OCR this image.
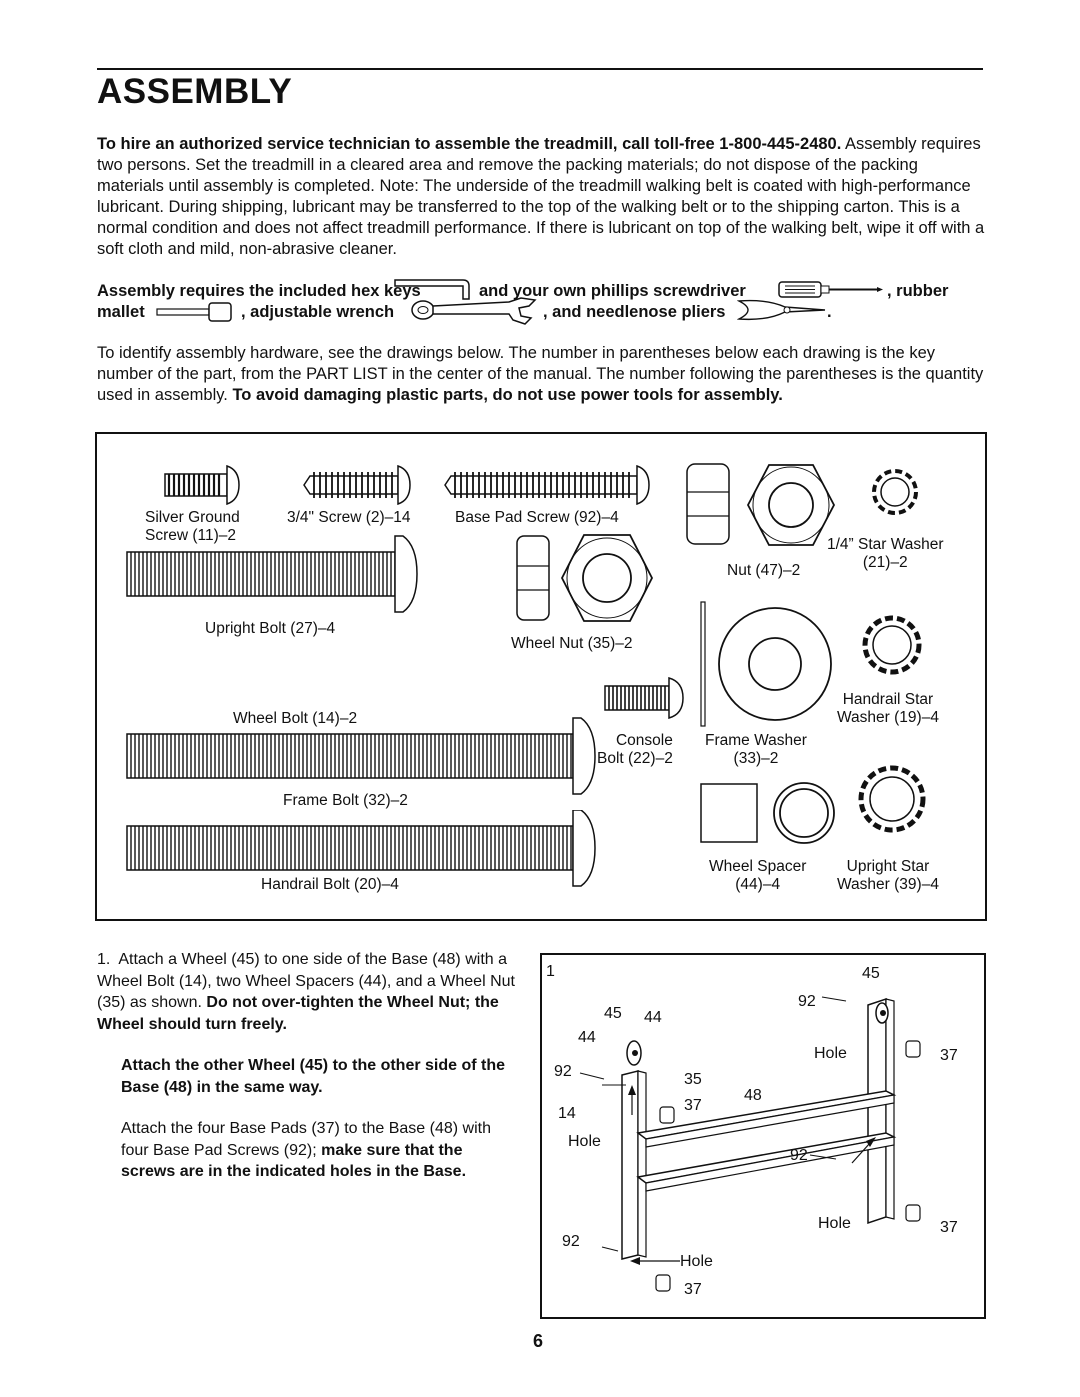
ASSEMBLY
To hire an authorized service technician to assemble the treadmill, call toll-free 1-800-445-2480. Assembly requires two persons. Set the treadmill in a cleared area and remove the packing materials; do not dispose of the packing materials until assembly is completed. Note: The underside of the treadmill walking belt is coated with high-performance lubricant. During shipping, lubricant may be transferred to the top of the walking belt or to the shipping carton. This is a normal condition and does not affect treadmill performance. If there is lubricant on top of the walking belt, wipe it off with a soft cloth and mild, non-abrasive cleaner.
Assembly requires the included hex keys	and your own phillips screwdriver	, rubber
mallet	, adjustable wrench	, and needlenose pliers	.
To identify assembly hardware, see the drawings below. The number in parentheses below each drawing is the key number of the part, from the PART LIST in the center of the manual. The number following the parentheses is the quantity used in assembly. To avoid damaging plastic parts, do not use power tools for assembly.
Silver Ground
Screw (11)–2
3/4" Screw (2)–14	Base Pad Screw (92)–4
Nut (47)–2
1/4” Star Washer
(21)–2
Upright Bolt (27)–4
Wheel Nut (35)–2
Handrail Star
Washer (19)–4
Wheel Bolt (14)–2
Console
Bolt (22)–2
Frame Washer
(33)–2
Frame Bolt (32)–2
Wheel Spacer
(44)–4
Upright Star
Washer (39)–4
Handrail Bolt (20)–4

1. Attach a Wheel (45) to one side of the Base (48) with a Wheel Bolt (14), two Wheel Spacers (44), and a Wheel Nut (35) as shown. Do not over-tighten the Wheel Nut; the Wheel should turn freely.

Attach the other Wheel (45) to the other side of the Base (48) in the same way.

Attach the four Base Pads (37) to the Base (48) with four Base Pad Screws (92); make sure that the screws are in the indicated holes in the Base.

1
45 44
44
92	35
14	37
Hole
92
Hole
37
45
92
Hole	37
48
92
Hole	37
6
